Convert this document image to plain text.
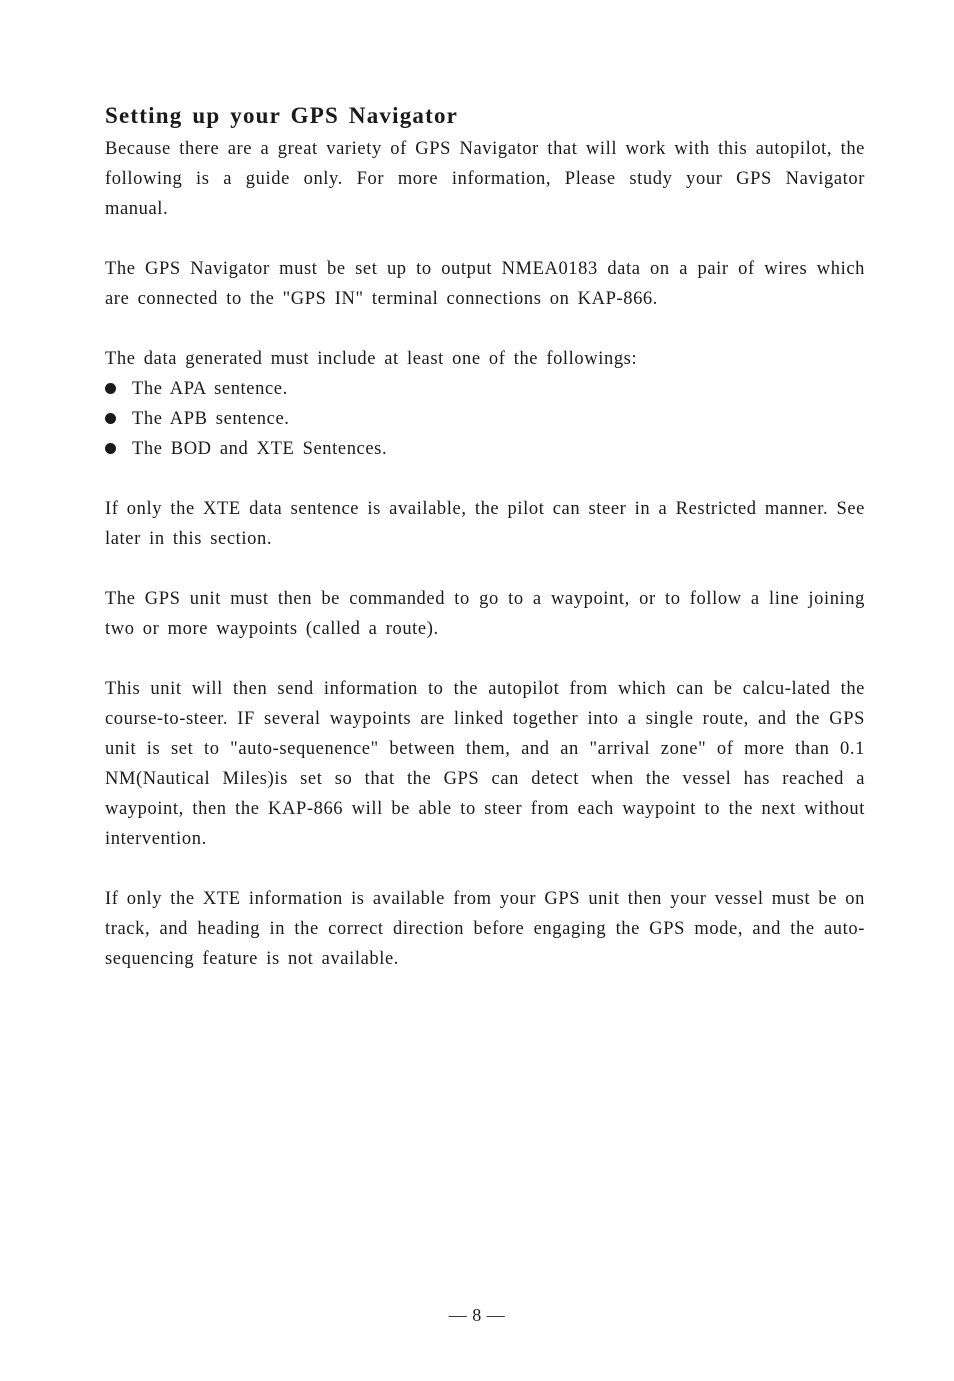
Setting up your GPS Navigator

Because there are a great variety of GPS Navigator that will work with this autopilot, the following is a guide only. For more information, Please study your GPS Navigator manual.

The GPS Navigator must be set up to output NMEA0183 data on a pair of wires which are connected to the "GPS IN" terminal connections on KAP-866.

The data generated must include at least one of the followings:

The APA sentence.
The APB sentence.
The BOD and XTE Sentences.

If only the XTE data sentence is available, the pilot can steer in a Restricted manner. See later in this section.

The GPS unit must then be commanded to go to a waypoint, or to follow a line joining two or more waypoints (called a route).

This unit will then send information to the autopilot from which can be calcu-lated the course-to-steer. IF several waypoints are linked together into a single route, and the GPS unit is set to "auto-sequenence" between them, and an "arrival zone" of more than 0.1 NM(Nautical Miles)is set so that the GPS can detect when the vessel has reached a waypoint, then the KAP-866 will be able to steer from each waypoint to the next without intervention.

If only the XTE information is available from your GPS unit then your vessel must be on track, and heading in the correct direction before engaging the GPS mode, and the auto-sequencing feature is not available.

— 8 —
